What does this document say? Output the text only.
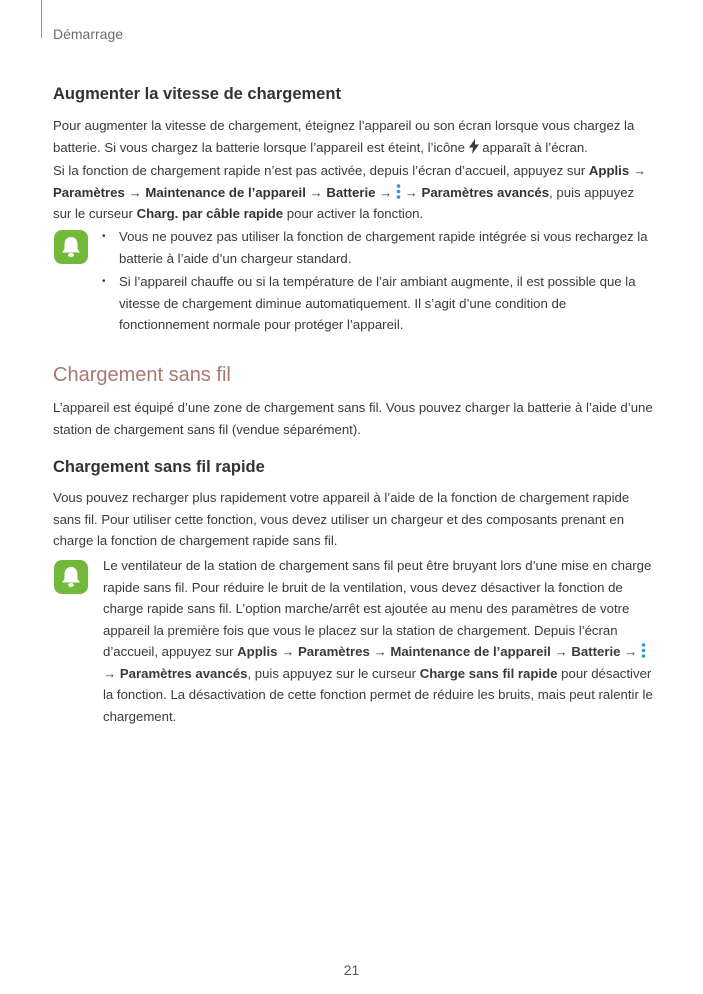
Démarrage
Augmenter la vitesse de chargement

Pour augmenter la vitesse de chargement, éteignez l’appareil ou son écran lorsque vous chargez la batterie. Si vous chargez la batterie lorsque l’appareil est éteint, l’icône  apparaît à l’écran.

Si la fonction de chargement rapide n’est pas activée, depuis l’écran d’accueil, appuyez sur Applis → Paramètres → Maintenance de l’appareil → Batterie →  → Paramètres avancés, puis appuyez sur le curseur Charg. par câble rapide pour activer la fonction.

• Vous ne pouvez pas utiliser la fonction de chargement rapide intégrée si vous rechargez la batterie à l’aide d’un chargeur standard.
• Si l’appareil chauffe ou si la température de l’air ambiant augmente, il est possible que la vitesse de chargement diminue automatiquement. Il s’agit d’une condition de fonctionnement normale pour protéger l’appareil.
Chargement sans fil

L’appareil est équipé d’une zone de chargement sans fil. Vous pouvez charger la batterie à l’aide d’une station de chargement sans fil (vendue séparément).

Chargement sans fil rapide

Vous pouvez recharger plus rapidement votre appareil à l’aide de la fonction de chargement rapide sans fil. Pour utiliser cette fonction, vous devez utiliser un chargeur et des composants prenant en charge la fonction de chargement rapide sans fil.

Le ventilateur de la station de chargement sans fil peut être bruyant lors d’une mise en charge rapide sans fil. Pour réduire le bruit de la ventilation, vous devez désactiver la fonction de charge rapide sans fil. L’option marche/arrêt est ajoutée au menu des paramètres de votre appareil la première fois que vous le placez sur la station de chargement. Depuis l’écran d’accueil, appuyez sur Applis → Paramètres → Maintenance de l’appareil → Batterie →  → Paramètres avancés, puis appuyez sur le curseur Charge sans fil rapide pour désactiver la fonction. La désactivation de cette fonction permet de réduire les bruits, mais peut ralentir le chargement.

21
